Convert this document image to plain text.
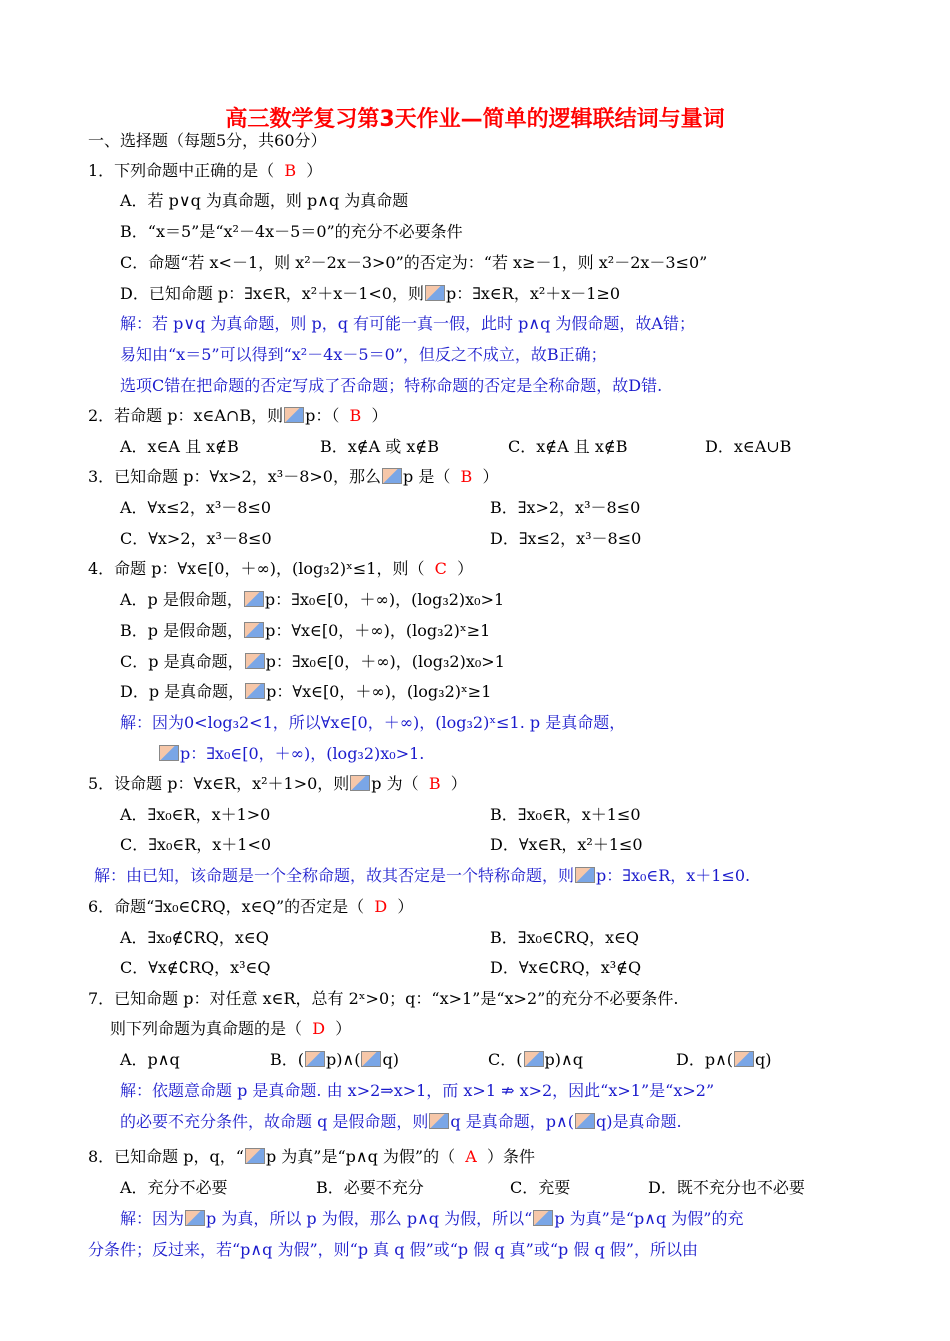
高三数学复习第3天作业—简单的逻辑联结词与量词
一、选择题（每题5分，共60分）
1．下列命题中正确的是（ B ）
A．若 p∨q 为真命题，则 p∧q 为真命题
B．“x＝5”是“x²－4x－5＝0”的充分不必要条件
C．命题“若 x<－1，则 x²－2x－3>0”的否定为：“若 x≥－1，则 x²－2x－3≤0”
D．已知命题 p：∃x∈R，x²＋x－1<0，则 p：∃x∈R，x²＋x－1≥0
解：若 p∨q 为真命题，则 p，q 有可能一真一假，此时 p∧q 为假命题，故A错；
易知由“x＝5”可以得到“x²－4x－5＝0”，但反之不成立，故B正确；
选项C错在把命题的否定写成了否命题；特称命题的否定是全称命题，故D错.
2．若命题 p：x∈A∩B，则 p：（ B ）
A．x∈A 且 x∉B	B．x∉A 或 x∉B	C．x∉A 且 x∉B	D．x∈A∪B
3．已知命题 p：∀x>2，x³－8>0，那么 p 是（ B ）
A．∀x≤2，x³－8≤0	B．∃x>2，x³－8≤0
C．∀x>2，x³－8≤0	D．∃x≤2，x³－8≤0
4．命题 p：∀x∈[0，＋∞)，(log₃2)ˣ≤1，则（ C ）
A．p 是假命题， p：∃x₀∈[0，＋∞)，(log₃2)x₀>1
B．p 是假命题， p：∀x∈[0，＋∞)，(log₃2)ˣ≥1
C．p 是真命题， p：∃x₀∈[0，＋∞)，(log₃2)x₀>1
D．p 是真命题， p：∀x∈[0，＋∞)，(log₃2)ˣ≥1
解：因为0<log₃2<1，所以∀x∈[0，＋∞)，(log₃2)ˣ≤1. p 是真命题，
p：∃x₀∈[0，＋∞)，(log₃2)x₀>1.
5．设命题 p：∀x∈R，x²＋1>0，则 p 为（ B ）
A．∃x₀∈R，x＋1>0	B．∃x₀∈R，x＋1≤0
C．∃x₀∈R，x＋1<0	D．∀x∈R，x²＋1≤0
解：由已知，该命题是一个全称命题，故其否定是一个特称命题，则 p：∃x₀∈R，x＋1≤0.
6．命题“∃x₀∈∁RQ，x∈Q”的否定是（ D ）
A．∃x₀∉∁RQ，x∈Q	B．∃x₀∈∁RQ，x∈Q
C．∀x∉∁RQ，x³∈Q	D．∀x∈∁RQ，x³∉Q
7．已知命题 p：对任意 x∈R，总有 2ˣ>0；q：“x>1”是“x>2”的充分不必要条件.
则下列命题为真命题的是（ D ）
A．p∧q	B．( p)∧( q)	C．( p)∧q	D．p∧( q)
解：依题意命题 p 是真命题. 由 x>2⇒x>1，而 x>1 ⇏ x>2，因此“x>1”是“x>2”
的必要不充分条件，故命题 q 是假命题，则 q 是真命题，p∧( q)是真命题.
8．已知命题 p，q，“ p 为真”是“p∧q 为假”的（ A ）条件
A．充分不必要	B．必要不充分	C．充要	D．既不充分也不必要
解：因为 p 为真，所以 p 为假，那么 p∧q 为假，所以“ p 为真”是“p∧q 为假”的充
分条件；反过来，若“p∧q 为假”，则“p 真 q 假”或“p 假 q 真”或“p 假 q 假”，所以由
